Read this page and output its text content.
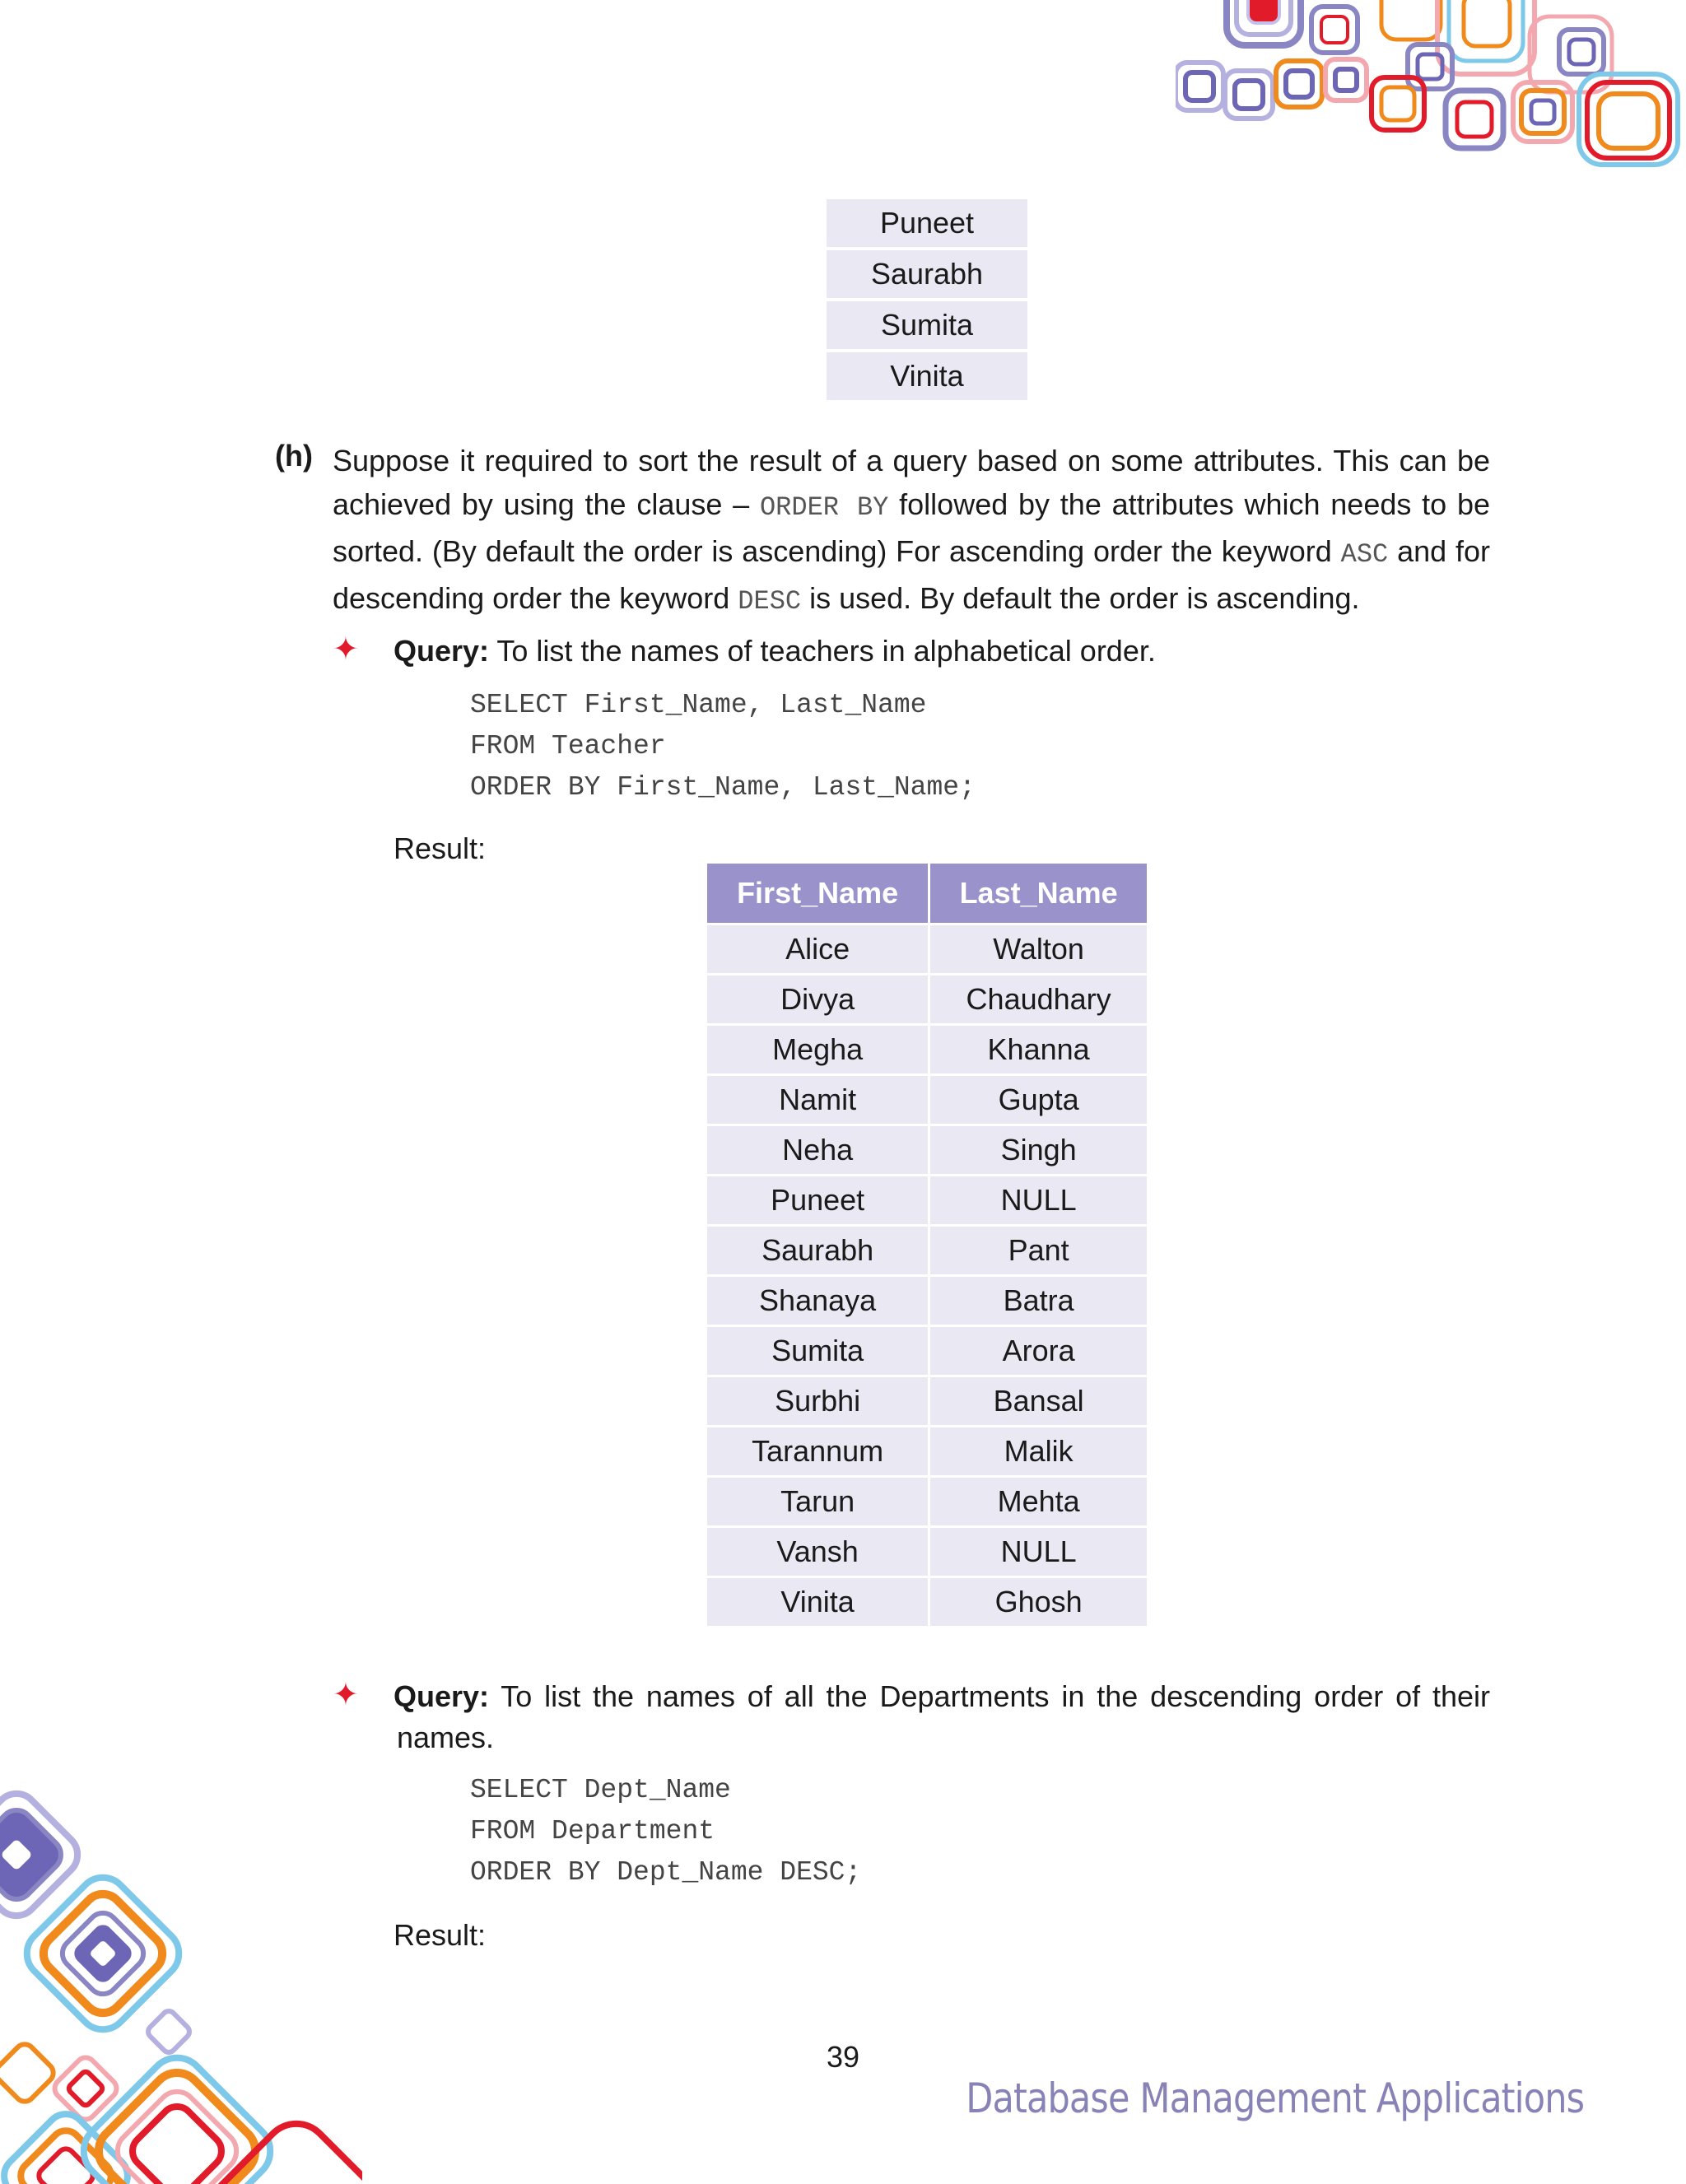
Puneet
Saurabh
Sumita
Vinita
(h) Suppose it required to sort the result of a query based on some attributes. This can be
achieved by using the clause – ORDER BY followed by the attributes which needs to be
sorted. (By default the order is ascending) For ascending order the keyword ASC and for
descending order the keyword DESC is used. By default the order is ascending.
✦ Query: To list the names of teachers in alphabetical order.
SELECT First_Name, Last_Name
FROM Teacher
ORDER BY First_Name, Last_Name;
Result:
First_Name	Last_Name
Alice	Walton
Divya	Chaudhary
Megha	Khanna
Namit	Gupta
Neha	Singh
Puneet	NULL
Saurabh	Pant
Shanaya	Batra
Sumita	Arora
Surbhi	Bansal
Tarannum	Malik
Tarun	Mehta
Vansh	NULL
Vinita	Ghosh
✦ Query: To list the names of all the Departments in the descending order of their
names.
SELECT Dept_Name
FROM Department
ORDER BY Dept_Name DESC;
Result:
39
Database Management Applications
